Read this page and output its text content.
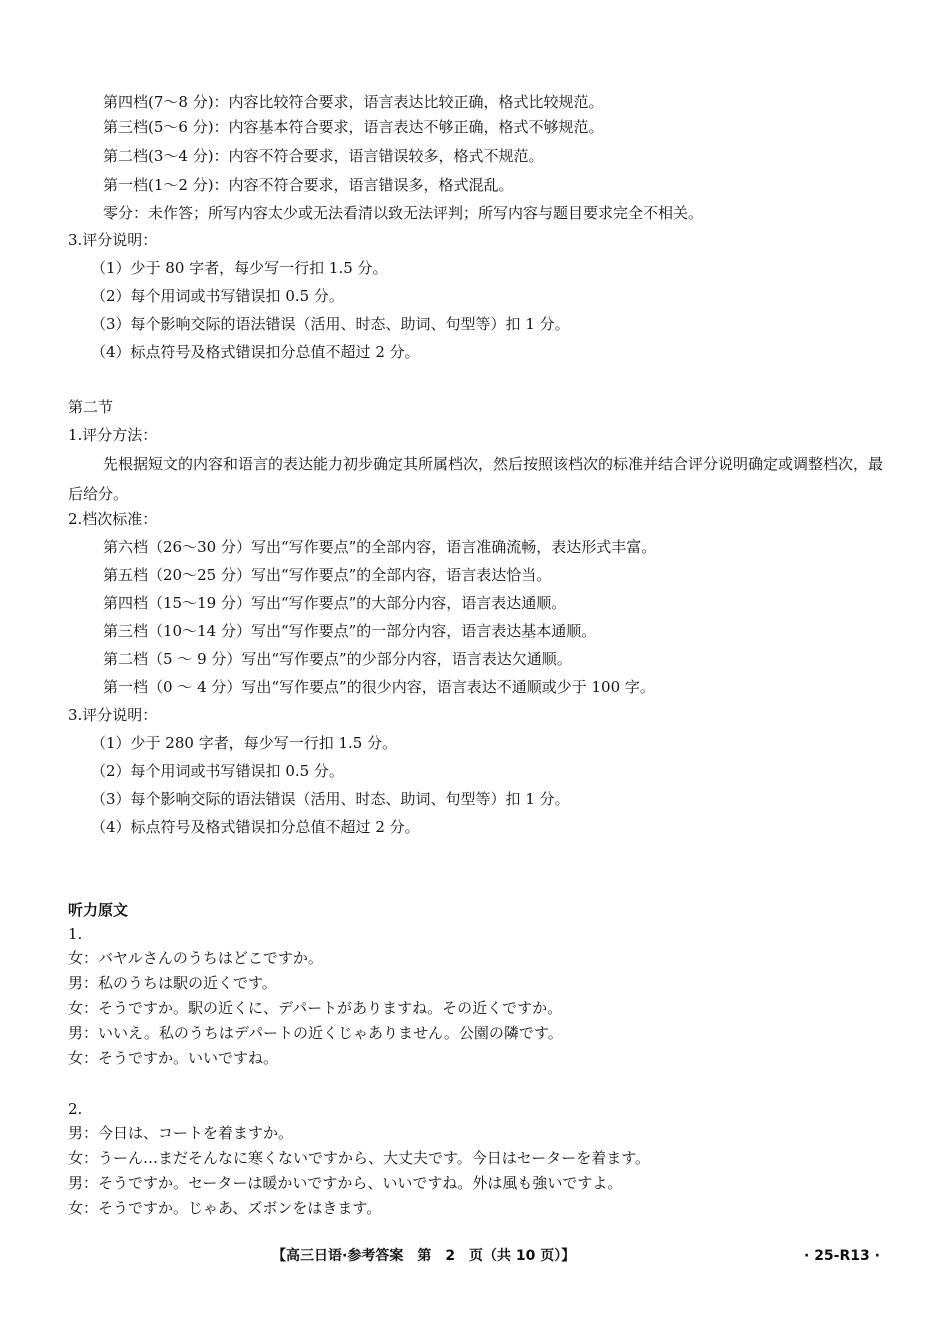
第四档(7～8 分)：内容比较符合要求，语言表达比较正确，格式比较规范。
第三档(5～6 分)：内容基本符合要求，语言表达不够正确，格式不够规范。
第二档(3～4 分)：内容不符合要求，语言错误较多，格式不规范。
第一档(1～2 分)：内容不符合要求，语言错误多，格式混乱。
零分：未作答；所写内容太少或无法看清以致无法评判；所写内容与题目要求完全不相关。
3.评分说明：
（1）少于 80 字者，每少写一行扣 1.5 分。
（2）每个用词或书写错误扣 0.5 分。
（3）每个影响交际的语法错误（活用、时态、助词、句型等）扣 1 分。
（4）标点符号及格式错误扣分总值不超过 2 分。
第二节
1.评分方法：
先根据短文的内容和语言的表达能力初步确定其所属档次，然后按照该档次的标准并结合评分说明确定或调整档次，最后给分。
2.档次标准：
第六档（26～30 分）写出“写作要点”的全部内容，语言准确流畅，表达形式丰富。
第五档（20～25 分）写出“写作要点”的全部内容，语言表达恰当。
第四档（15～19 分）写出“写作要点”的大部分内容，语言表达通顺。
第三档（10～14 分）写出“写作要点”的一部分内容，语言表达基本通顺。
第二档（5 ～ 9 分）写出“写作要点”的少部分内容，语言表达欠通顺。
第一档（0 ～ 4 分）写出“写作要点”的很少内容，语言表达不通顺或少于 100 字。
3.评分说明：
（1）少于 280 字者，每少写一行扣 1.5 分。
（2）每个用词或书写错误扣 0.5 分。
（3）每个影响交际的语法错误（活用、时态、助词、句型等）扣 1 分。
（4）标点符号及格式错误扣分总值不超过 2 分。
听力原文
1.
女：バヤルさんのうちはどこですか。
男：私のうちは駅の近くです。
女：そうですか。駅の近くに、デパートがありますね。その近くですか。
男：いいえ。私のうちはデパートの近くじゃありません。公園の隣です。
女：そうですか。いいですね。
2.
男：今日は、コートを着ますか。
女：うーん…まだそんなに寒くないですから、大丈夫です。今日はセーターを着ます。
男：そうですか。セーターは暖かいですから、いいですね。外は風も強いですよ。
女：そうですか。じゃあ、ズボンをはきます。
【高三日语·参考答案　第　2　页（共 10 页）】	· 25-R13 ·
